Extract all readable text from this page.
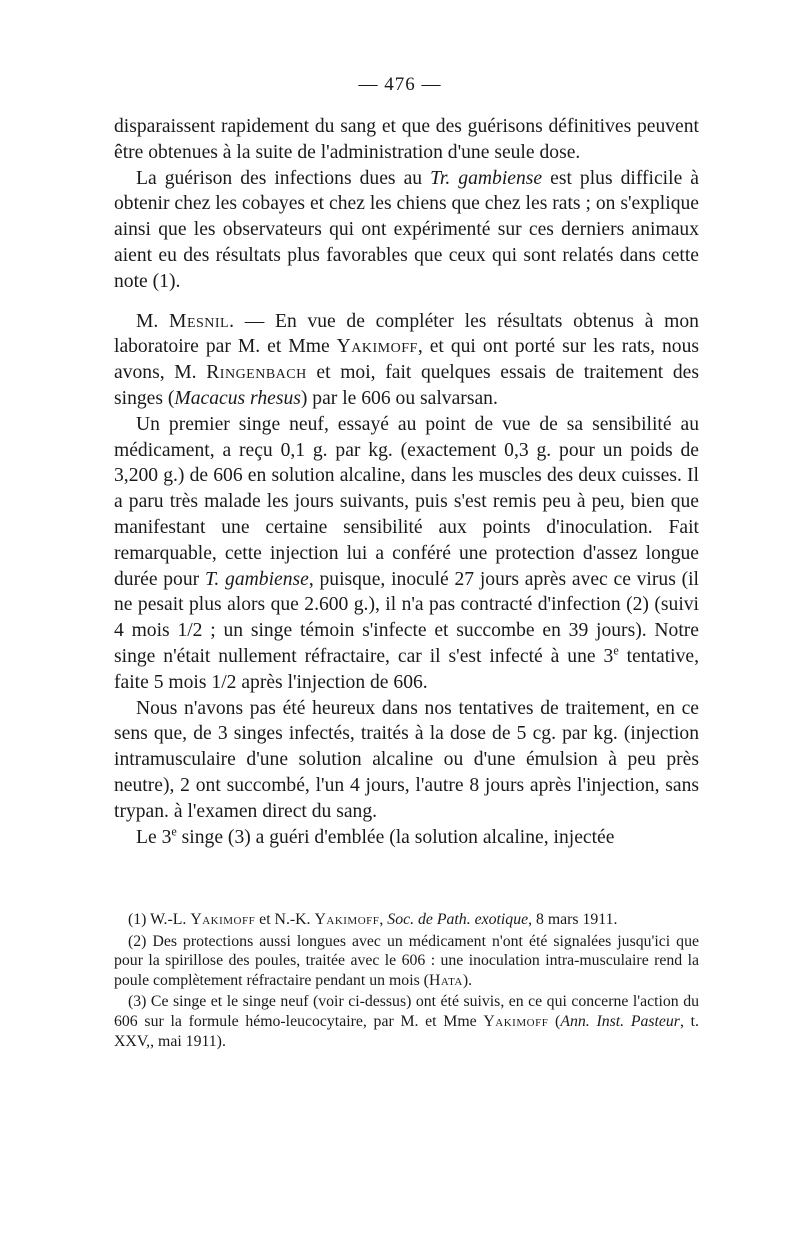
— 476 —

disparaissent rapidement du sang et que des guérisons définitives peuvent être obtenues à la suite de l'administration d'une seule dose.

La guérison des infections dues au Tr. gambiense est plus difficile à obtenir chez les cobayes et chez les chiens que chez les rats ; on s'explique ainsi que les observateurs qui ont expérimenté sur ces derniers animaux aient eu des résultats plus favorables que ceux qui sont relatés dans cette note (1).

M. Mesnil. — En vue de compléter les résultats obtenus à mon laboratoire par M. et Mme Yakimoff, et qui ont porté sur les rats, nous avons, M. Ringenbach et moi, fait quelques essais de traitement des singes (Macacus rhesus) par le 606 ou salvarsan.

Un premier singe neuf, essayé au point de vue de sa sensibilité au médicament, a reçu 0,1 g. par kg. (exactement 0,3 g. pour un poids de 3,200 g.) de 606 en solution alcaline, dans les muscles des deux cuisses. Il a paru très malade les jours suivants, puis s'est remis peu à peu, bien que manifestant une certaine sensibilité aux points d'inoculation. Fait remarquable, cette injection lui a conféré une protection d'assez longue durée pour T. gambiense, puisque, inoculé 27 jours après avec ce virus (il ne pesait plus alors que 2.600 g.), il n'a pas contracté d'infection (2) (suivi 4 mois 1/2 ; un singe témoin s'infecte et succombe en 39 jours). Notre singe n'était nullement réfractaire, car il s'est infecté à une 3e tentative, faite 5 mois 1/2 après l'injection de 606.

Nous n'avons pas été heureux dans nos tentatives de traitement, en ce sens que, de 3 singes infectés, traités à la dose de 5 cg. par kg. (injection intramusculaire d'une solution alcaline ou d'une émulsion à peu près neutre), 2 ont succombé, l'un 4 jours, l'autre 8 jours après l'injection, sans trypan. à l'examen direct du sang.

Le 3e singe (3) a guéri d'emblée (la solution alcaline, injectée

(1) W.-L. Yakimoff et N.-K. Yakimoff, Soc. de Path. exotique, 8 mars 1911.

(2) Des protections aussi longues avec un médicament n'ont été signalées jusqu'ici que pour la spirillose des poules, traitée avec le 606 : une inoculation intra-musculaire rend la poule complètement réfractaire pendant un mois (Hata).

(3) Ce singe et le singe neuf (voir ci-dessus) ont été suivis, en ce qui concerne l'action du 606 sur la formule hémo-leucocytaire, par M. et Mme Yakimoff (Ann. Inst. Pasteur, t. XXV,, mai 1911).
